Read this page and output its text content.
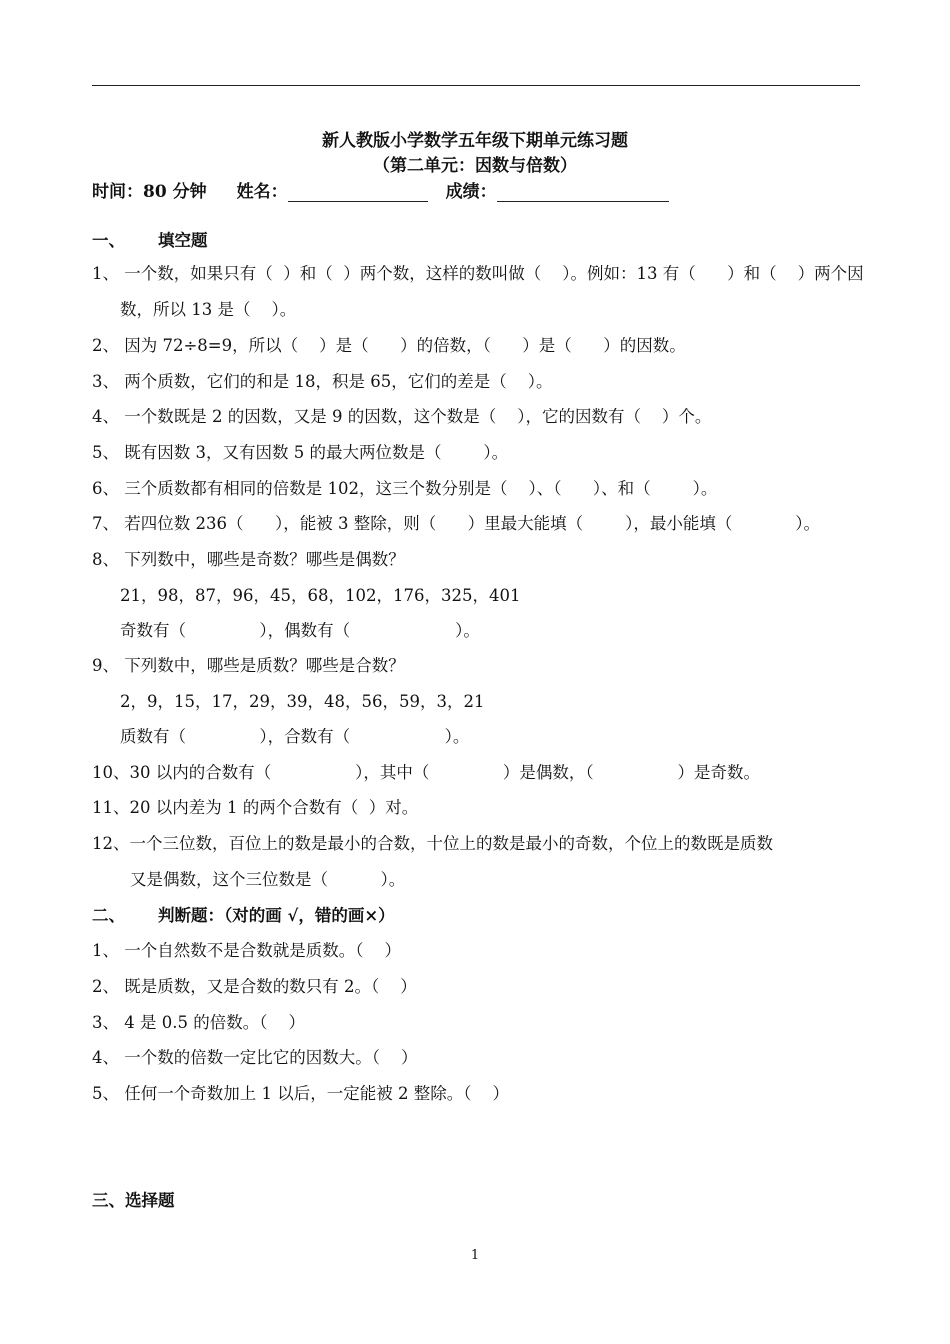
新人教版小学数学五年级下期单元练习题
（第二单元：因数与倍数）
时间：80 分钟 姓名：	成绩：
一、 填空题
1、 一个数，如果只有（  ）和（  ）两个数，这样的数叫做（    ）。例如：13 有（      ）和（    ）两个因
数，所以 13 是（    ）。
2、 因为 72÷8=9，所以（    ）是（      ）的倍数，（      ）是（      ）的因数。
3、 两个质数，它们的和是 18，积是 65，它们的差是（    ）。
4、 一个数既是 2 的因数，又是 9 的因数，这个数是（    ），它的因数有（    ）个。
5、 既有因数 3，又有因数 5 的最大两位数是（        ）。
6、 三个质数都有相同的倍数是 102，这三个数分别是（    ）、（      ）、和（        ）。
7、 若四位数 236（      ），能被 3 整除，则（      ）里最大能填（        ），最小能填（            ）。
8、 下列数中，哪些是奇数？哪些是偶数？
21，98，87，96，45，68，102，176，325，401
奇数有（              ），偶数有（                    ）。
9、 下列数中，哪些是质数？哪些是合数？
2，9，15，17，29，39，48，56，59，3，21
质数有（              ），合数有（                  ）。
10、30 以内的合数有（                ），其中（              ）是偶数，（                ）是奇数。
11、20 以内差为 1 的两个合数有（  ）对。
12、一个三位数，百位上的数是最小的合数，十位上的数是最小的奇数，个位上的数既是质数
又是偶数，这个三位数是（          ）。
二、 判断题：（对的画 √，错的画×）
1、 一个自然数不是合数就是质数。（    ）
2、 既是质数，又是合数的数只有 2。（    ）
3、 4 是 0.5 的倍数。（    ）
4、 一个数的倍数一定比它的因数大。（    ）
5、 任何一个奇数加上 1 以后，一定能被 2 整除。（    ）
三、选择题
1
